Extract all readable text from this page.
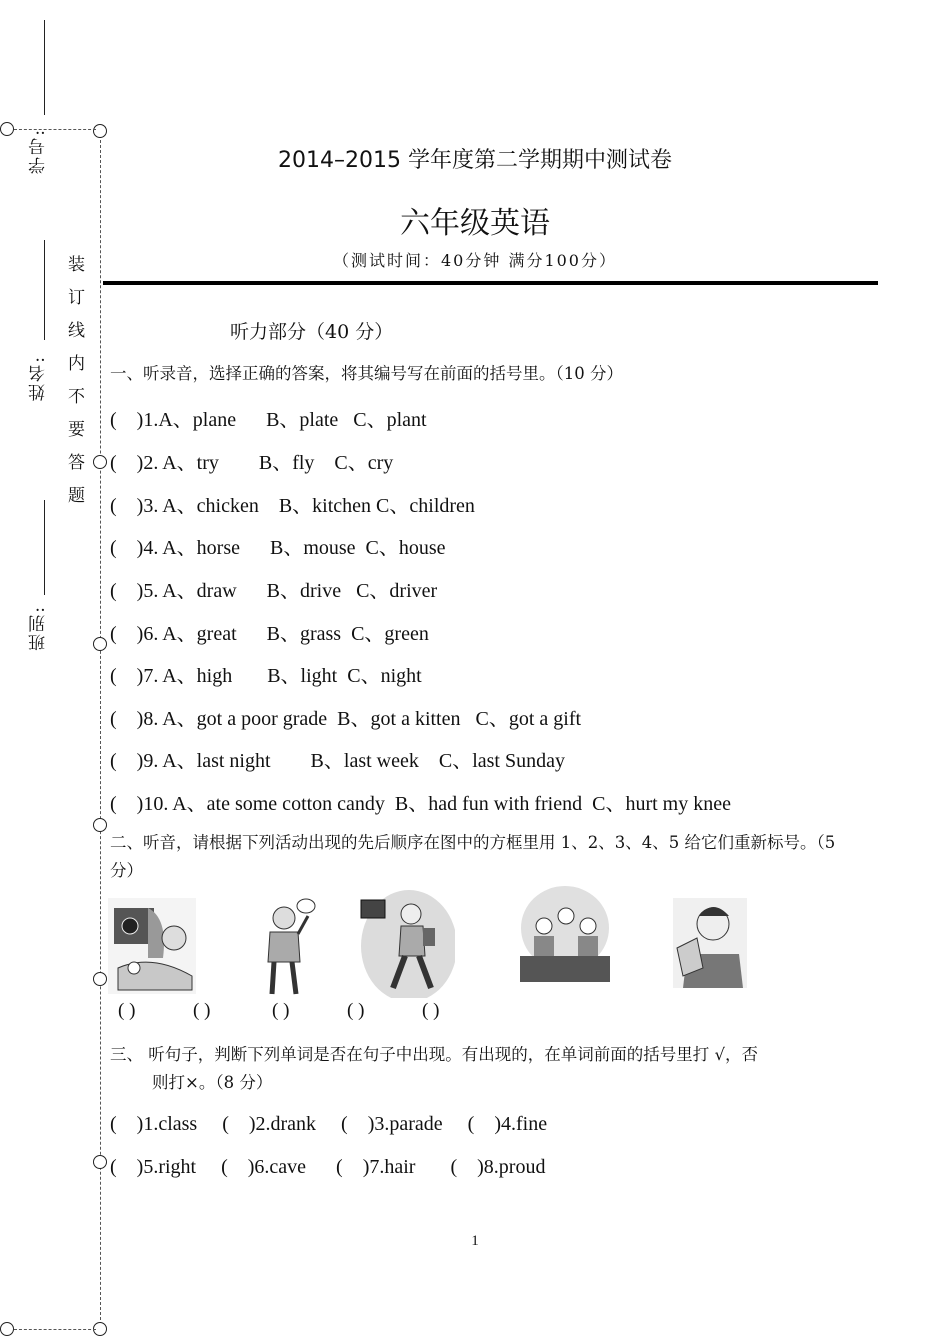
学号:
姓名:
班别:
装订线内不要答题
2014–2015 学年度第二学期期中测试卷
六年级英语
（测试时间：40分钟 满分100分）
听力部分（40 分）
一、听录音，选择正确的答案，将其编号写在前面的括号里。（10 分）
(    )1.A、plane      B、plate   C、plant
(    )2. A、try        B、fly    C、cry
(    )3. A、chicken    B、kitchen C、children
(    )4. A、horse      B、mouse  C、house
(    )5. A、draw      B、drive   C、driver
(    )6. A、great      B、grass  C、green
(    )7. A、high       B、light  C、night
(    )8. A、got a poor grade  B、got a kitten   C、got a gift
(    )9. A、last night        B、last week    C、last Sunday
(    )10. A、ate some cotton candy  B、had fun with friend  C、hurt my knee
二、听音，请根据下列活动出现的先后顺序在图中的方框里用 1、2、3、4、5 给它们重新标号。（5 分）
( )	( )	( )	( )	( )
三、 听句子，判断下列单词是否在句子中出现。有出现的，在单词前面的括号里打 √，否
则打×。（8 分）
(    )1.class     (    )2.drank     (    )3.parade     (    )4.fine
(    )5.right     (    )6.cave      (    )7.hair       (    )8.proud
1
